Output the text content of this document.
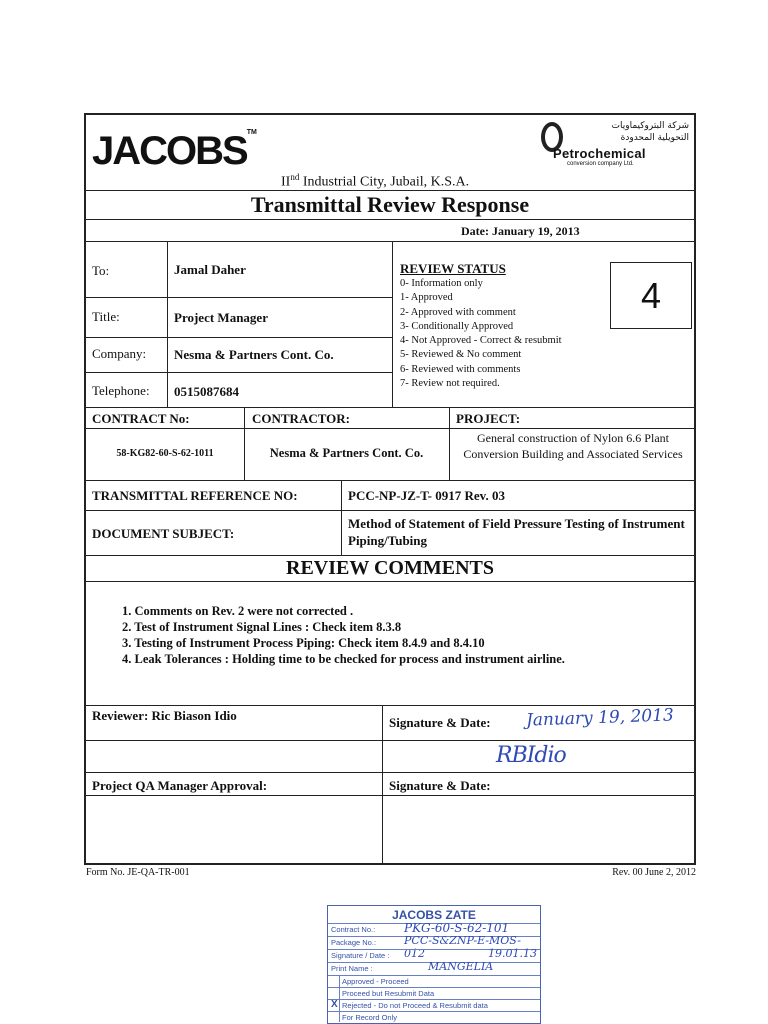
JACOBS™
IInd Industrial City, Jubail, K.S.A.
شركة البتروكيماويات
التحويلية المحدودة
Petrochemical
conversion company Ltd.
Transmittal Review Response
Date: January 19, 2013
To:	Jamal Daher
Title:	Project Manager
Company: Nesma & Partners Cont. Co.
Telephone: 0515087684
REVIEW STATUS
0- Information only
1- Approved
2- Approved with comment
3- Conditionally Approved
4- Not Approved - Correct & resubmit
5- Reviewed & No comment
6- Reviewed with comments
7- Review not required.
4
CONTRACT No:	CONTRACTOR:	PROJECT:
58-KG82-60-S-62-1011	Nesma & Partners Cont. Co.
General construction of Nylon 6.6 Plant Conversion Building and Associated Services
TRANSMITTAL REFERENCE NO:	PCC-NP-JZ-T- 0917 Rev. 03
DOCUMENT SUBJECT:
Method of Statement of Field Pressure Testing of Instrument Piping/Tubing
REVIEW COMMENTS
1. Comments on Rev. 2 were not corrected .
2. Test of Instrument Signal Lines : Check item 8.3.8
3. Testing of Instrument Process Piping: Check item 8.4.9 and 8.4.10
4. Leak Tolerances : Holding time to be checked for process and instrument airline.
Reviewer: Ric Biason Idio	Signature & Date: January 19, 2013
RBIdio
Project QA Manager Approval:	Signature & Date:
Form No. JE-QA-TR-001	Rev. 00 June 2, 2012
JACOBS ZATE
Contract No.: PKG-60-S-62-101
Package No.:	PCC-S&ZNP-E-MOS-012
Signature / Date :	19.01.13
Print Name :	MANGELIA
Approved - Proceed
Proceed but Resubmit Data
X Rejected - Do not Proceed & Resubmit data
For Record Only
